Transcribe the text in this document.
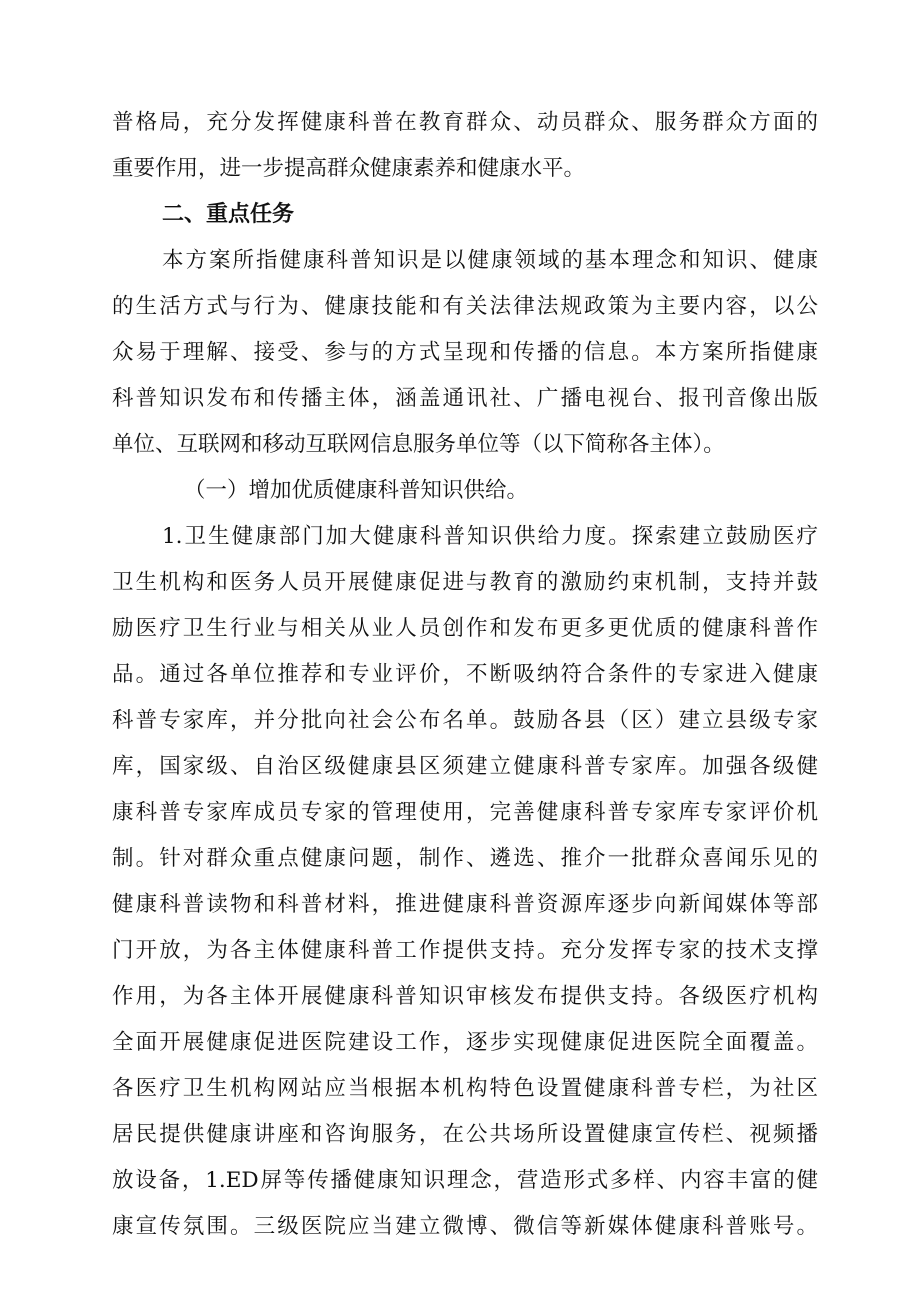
普格局，充分发挥健康科普在教育群众、动员群众、服务群众方面的
重要作用，进一步提高群众健康素养和健康水平。
二、重点任务
本方案所指健康科普知识是以健康领域的基本理念和知识、健康
的生活方式与行为、健康技能和有关法律法规政策为主要内容，以公
众易于理解、接受、参与的方式呈现和传播的信息。本方案所指健康
科普知识发布和传播主体，涵盖通讯社、广播电视台、报刊音像出版
单位、互联网和移动互联网信息服务单位等（以下简称各主体）。
（一）增加优质健康科普知识供给。
1.卫生健康部门加大健康科普知识供给力度。探索建立鼓励医疗
卫生机构和医务人员开展健康促进与教育的激励约束机制，支持并鼓
励医疗卫生行业与相关从业人员创作和发布更多更优质的健康科普作
品。通过各单位推荐和专业评价，不断吸纳符合条件的专家进入健康
科普专家库，并分批向社会公布名单。鼓励各县（区）建立县级专家
库，国家级、自治区级健康县区须建立健康科普专家库。加强各级健
康科普专家库成员专家的管理使用，完善健康科普专家库专家评价机
制。针对群众重点健康问题，制作、遴选、推介一批群众喜闻乐见的
健康科普读物和科普材料，推进健康科普资源库逐步向新闻媒体等部
门开放，为各主体健康科普工作提供支持。充分发挥专家的技术支撑
作用，为各主体开展健康科普知识审核发布提供支持。各级医疗机构
全面开展健康促进医院建设工作，逐步实现健康促进医院全面覆盖。
各医疗卫生机构网站应当根据本机构特色设置健康科普专栏，为社区
居民提供健康讲座和咨询服务，在公共场所设置健康宣传栏、视频播
放设备，1.ED屏等传播健康知识理念，营造形式多样、内容丰富的健
康宣传氛围。三级医院应当建立微博、微信等新媒体健康科普账号。
